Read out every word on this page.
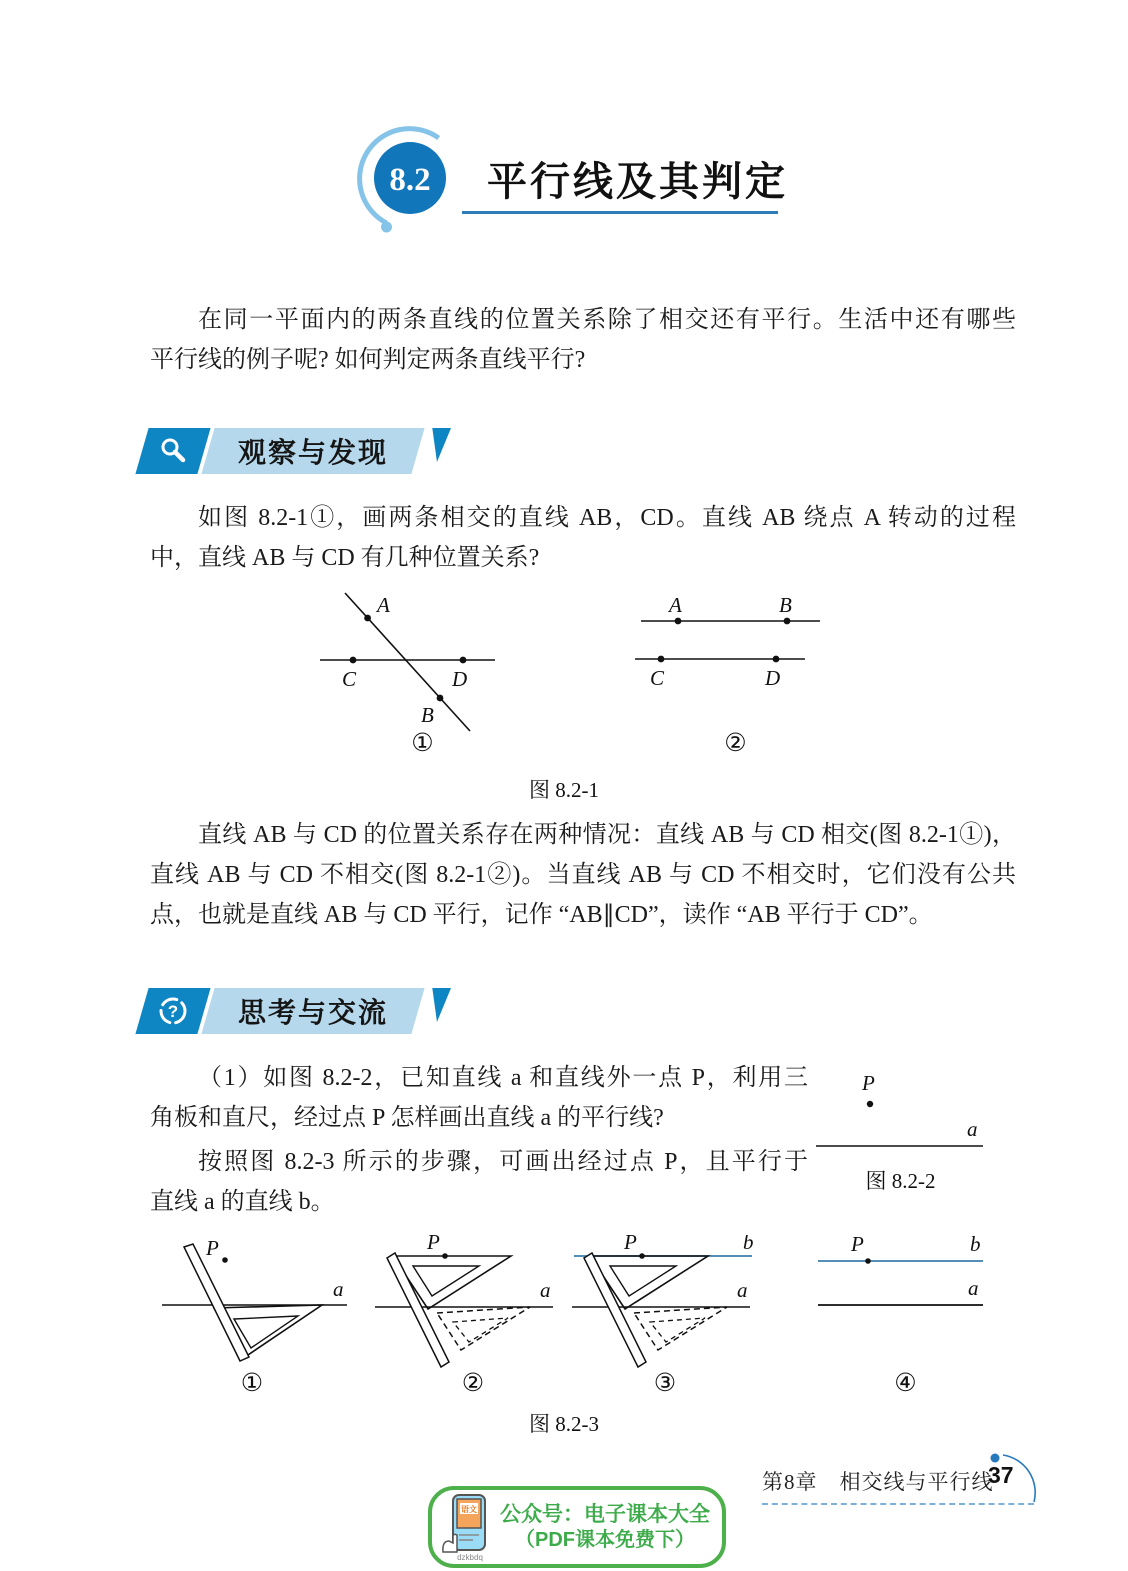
8.2 平行线及其判定
在同一平面内的两条直线的位置关系除了相交还有平行。生活中还有哪些
平行线的例子呢? 如何判定两条直线平行?
观察与发现
如图 8.2-1①，画两条相交的直线 AB，CD。直线 AB 绕点 A 转动的过程
中，直线 AB 与 CD 有几种位置关系?
A
B
C	D
A	B
C	D
①	②
图 8.2-1
直线 AB 与 CD 的位置关系存在两种情况：直线 AB 与 CD 相交(图 8.2-1①)，
直线 AB 与 CD 不相交(图 8.2-1②)。当直线 AB 与 CD 不相交时，它们没有公共
点，也就是直线 AB 与 CD 平行，记作 “AB∥CD”，读作 “AB 平行于 CD”。
? 思考与交流
（1）如图 8.2-2，已知直线 a 和直线外一点 P，利用三
角板和直尺，经过点 P 怎样画出直线 a 的平行线?
按照图 8.2-3 所示的步骤，可画出经过点 P，且平行于
直线 a 的直线 b。
P
a
图 8.2-2
P
a
P
a
b
P
a
P	b
a
①	②	③	④
图 8.2-3
第8章　相交线与平行线
37
语文
dzkbdq
公众号：电子课本大全
（PDF课本免费下）
